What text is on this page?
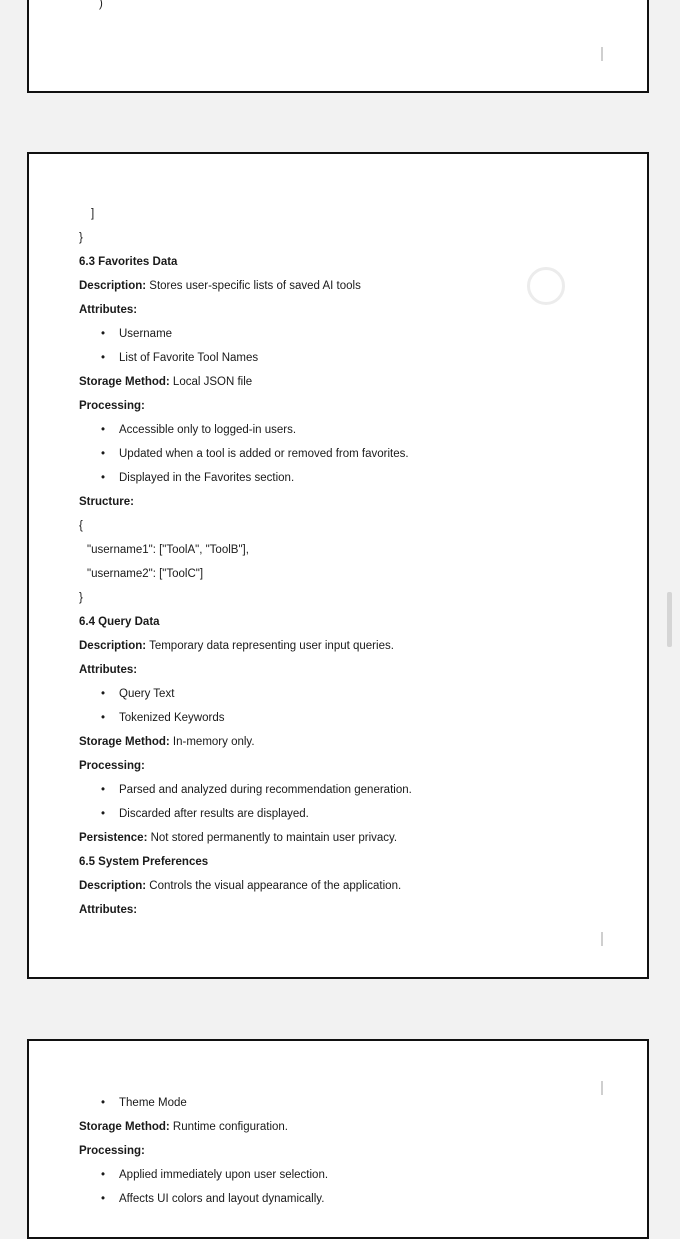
)
]
}
6.3 Favorites Data
Description: Stores user-specific lists of saved AI tools
Attributes:
• Username
• List of Favorite Tool Names
Storage Method: Local JSON file
Processing:
• Accessible only to logged-in users.
• Updated when a tool is added or removed from favorites.
• Displayed in the Favorites section.
Structure:
{
"username1": ["ToolA", "ToolB"],
"username2": ["ToolC"]
}
6.4 Query Data
Description: Temporary data representing user input queries.
Attributes:
• Query Text
• Tokenized Keywords
Storage Method: In-memory only.
Processing:
• Parsed and analyzed during recommendation generation.
• Discarded after results are displayed.
Persistence: Not stored permanently to maintain user privacy.
6.5 System Preferences
Description: Controls the visual appearance of the application.
Attributes:
• Theme Mode
Storage Method: Runtime configuration.
Processing:
• Applied immediately upon user selection.
• Affects UI colors and layout dynamically.
